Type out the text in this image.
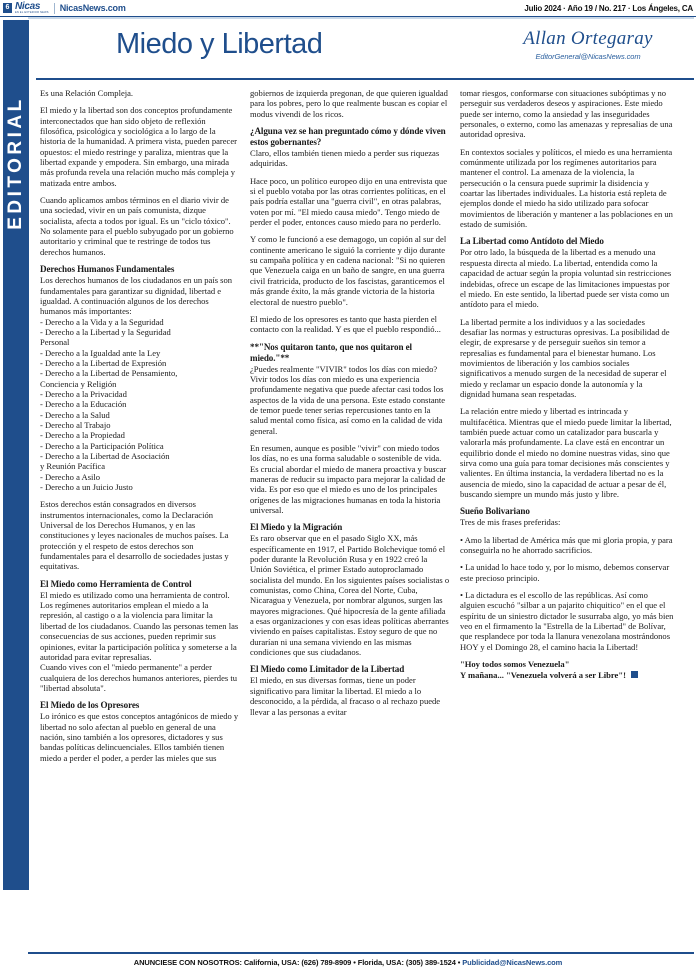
6 Nicas
EN EL EXTERIOR NEWS NicasNews.com	Julio 2024 · Año 19 / No. 217 · Los Ángeles, CA
EDITORIAL
Miedo y Libertad	Allan Ortegaray
EditorGeneral@NicasNews.com

Es una Relación Compleja.

El miedo y la libertad son dos conceptos profundamente interconectados que han sido objeto de reflexión filosófica, psicológica y sociológica a lo largo de la historia de la humanidad. A primera vista, pueden parecer opuestos: el miedo restringe y paraliza, mientras que la libertad expande y empodera. Sin embargo, una mirada más profunda revela una relación mucho más compleja y matizada entre ambos.

Cuando aplicamos ambos términos en el diario vivir de una sociedad, vivir en un país comunista, dizque socialista, afecta a todos por igual. Es un "ciclo tóxico". No solamente para el pueblo subyugado por un gobierno autoritario y criminal que te restringe de todos tus derechos humanos.

Derechos Humanos Fundamentales

Los derechos humanos de los ciudadanos en un país son fundamentales para garantizar su dignidad, libertad e igualdad. A continuación algunos de los derechos humanos más importantes:

- Derecho a la Vida y a la Seguridad
- Derecho a la Libertad y la Seguridad
Personal
- Derecho a la Igualdad ante la Ley
- Derecho a la Libertad de Expresión
- Derecho a la Libertad de Pensamiento,
Conciencia y Religión
- Derecho a la Privacidad
- Derecho a la Educación
- Derecho a la Salud
- Derecho al Trabajo
- Derecho a la Propiedad
- Derecho a la Participación Política
- Derecho a la Libertad de Asociación
y Reunión Pacífica
- Derecho a Asilo
- Derecho a un Juicio Justo

Estos derechos están consagrados en diversos instrumentos internacionales, como la Declaración Universal de los Derechos Humanos, y en las constituciones y leyes nacionales de muchos países. La protección y el respeto de estos derechos son fundamentales para el desarrollo de sociedades justas y equitativas.

El Miedo como Herramienta de Control

El miedo es utilizado como una herramienta de control. Los regímenes autoritarios emplean el miedo a la represión, al castigo o a la violencia para limitar la libertad de los ciudadanos. Cuando las personas temen las consecuencias de sus acciones, pueden reprimir sus opiniones, evitar la participación política y someterse a la autoridad para evitar represalias.

Cuando vives con el "miedo permanente" a perder cualquiera de los derechos humanos anteriores, pierdes tu "libertad absoluta".

El Miedo de los Opresores

Lo irónico es que estos conceptos antagónicos de miedo y libertad no solo afectan al pueblo en general de una nación, sino también a los opresores, dictadores y sus bandas políticas delincuenciales. Ellos también tienen miedo a perder el poder, a perder las mieles que sus

gobiernos de izquierda pregonan, de que quieren igualdad para los pobres, pero lo que realmente buscan es copiar el modus vivendi de los ricos.

¿Alguna vez se han preguntado cómo y dónde viven estos gobernantes?

Claro, ellos también tienen miedo a perder sus riquezas adquiridas.

Hace poco, un político europeo dijo en una entrevista que si el pueblo votaba por las otras corrientes políticas, en el país podría estallar una "guerra civil", en otras palabras, voten por mí. "El miedo causa miedo". Tengo miedo de perder el poder, entonces causo miedo para no perderlo.

Y como le funcionó a ese demagogo, un copión al sur del continente americano le siguió la corriente y dijo durante su campaña política y en cadena nacional: "Si no quieren que Venezuela caiga en un baño de sangre, en una guerra civil fratricida, producto de los fascistas, garanticemos el más grande éxito, la más grande victoria de la historia electoral de nuestro pueblo".

El miedo de los opresores es tanto que hasta pierden el contacto con la realidad. Y es que el pueblo respondió...

**"Nos quitaron tanto, que nos quitaron el miedo."**

¿Puedes realmente "VIVIR" todos los días con miedo?

Vivir todos los días con miedo es una experiencia profundamente negativa que puede afectar casi todos los aspectos de la vida de una persona. Este estado constante de temor puede tener serias repercusiones tanto en la salud mental como física, así como en la calidad de vida general.

En resumen, aunque es posible "vivir" con miedo todos los días, no es una forma saludable o sostenible de vida. Es crucial abordar el miedo de manera proactiva y buscar maneras de reducir su impacto para mejorar la calidad de vida. Es por eso que el miedo es uno de los principales orígenes de las migraciones humanas en toda la historia universal.

El Miedo y la Migración

Es raro observar que en el pasado Siglo XX, más específicamente en 1917, el Partido Bolchevique tomó el poder durante la Revolución Rusa y en 1922 creó la Unión Soviética, el primer Estado autoproclamado socialista del mundo. En los siguientes países socialistas o comunistas, como China, Corea del Norte, Cuba, Nicaragua y Venezuela, por nombrar algunos, surgen las mayores migraciones. Qué hipocresía de la gente afiliada a esas organizaciones y con esas ideas políticas aberrantes viviendo en países capitalistas. Estoy seguro de que no durarían ni una semana viviendo en las mismas condiciones que sus ciudadanos.

El Miedo como Limitador de la Libertad

El miedo, en sus diversas formas, tiene un poder significativo para limitar la libertad. El miedo a lo desconocido, a la pérdida, al fracaso o al rechazo puede llevar a las personas a evitar

tomar riesgos, conformarse con situaciones subóptimas y no perseguir sus verdaderos deseos y aspiraciones. Este miedo puede ser interno, como la ansiedad y las inseguridades personales, o externo, como las amenazas y represalias de una autoridad opresiva.

En contextos sociales y políticos, el miedo es una herramienta comúnmente utilizada por los regímenes autoritarios para mantener el control. La amenaza de la violencia, la persecución o la censura puede suprimir la disidencia y coartar las libertades individuales. La historia está repleta de ejemplos donde el miedo ha sido utilizado para sofocar movimientos de liberación y mantener a las poblaciones en un estado de sumisión.

La Libertad como Antídoto del Miedo

Por otro lado, la búsqueda de la libertad es a menudo una respuesta directa al miedo. La libertad, entendida como la capacidad de actuar según la propia voluntad sin restricciones indebidas, ofrece un escape de las limitaciones impuestas por el miedo. En este sentido, la libertad puede ser vista como un antídoto para el miedo.

La libertad permite a los individuos y a las sociedades desafiar las normas y estructuras opresivas. La posibilidad de elegir, de expresarse y de perseguir sueños sin temor a represalias es fundamental para el bienestar humano. Los movimientos de liberación y los cambios sociales significativos a menudo surgen de la necesidad de superar el miedo y reclamar un espacio donde la autonomía y la dignidad humana sean respetadas.

La relación entre miedo y libertad es intrincada y multifacética. Mientras que el miedo puede limitar la libertad, también puede actuar como un catalizador para buscarla y valorarla más profundamente. La clave está en encontrar un equilibrio donde el miedo no domine nuestras vidas, sino que sirva como una guía para tomar decisiones más conscientes y valientes. En última instancia, la verdadera libertad no es la ausencia de miedo, sino la capacidad de actuar a pesar de él, buscando siempre un mundo más justo y libre.

Sueño Bolivariano

Tres de mis frases preferidas:

• Amo la libertad de América más que mi gloria propia, y para conseguirla no he ahorrado sacrificios.

• La unidad lo hace todo y, por lo mismo, debemos conservar este precioso principio.

• La dictadura es el escollo de las repúblicas. Así como alguien escuchó "silbar a un pajarito chiquitico" en el que el espíritu de un siniestro dictador le susurraba algo, yo más bien veo en el firmamento la "Estrella de la Libertad" de Bolívar, que resplandece por toda la llanura venezolana mostrándonos HOY y el Domingo 28, el camino hacia la Libertad!

"Hoy todos somos Venezuela"

Y mañana... "Venezuela volverá a ser Libre"!

ANUNCIESE CON NOSOTROS: California, USA: (626) 789-8909 • Florida, USA: (305) 389-1524 • Publicidad@NicasNews.com
